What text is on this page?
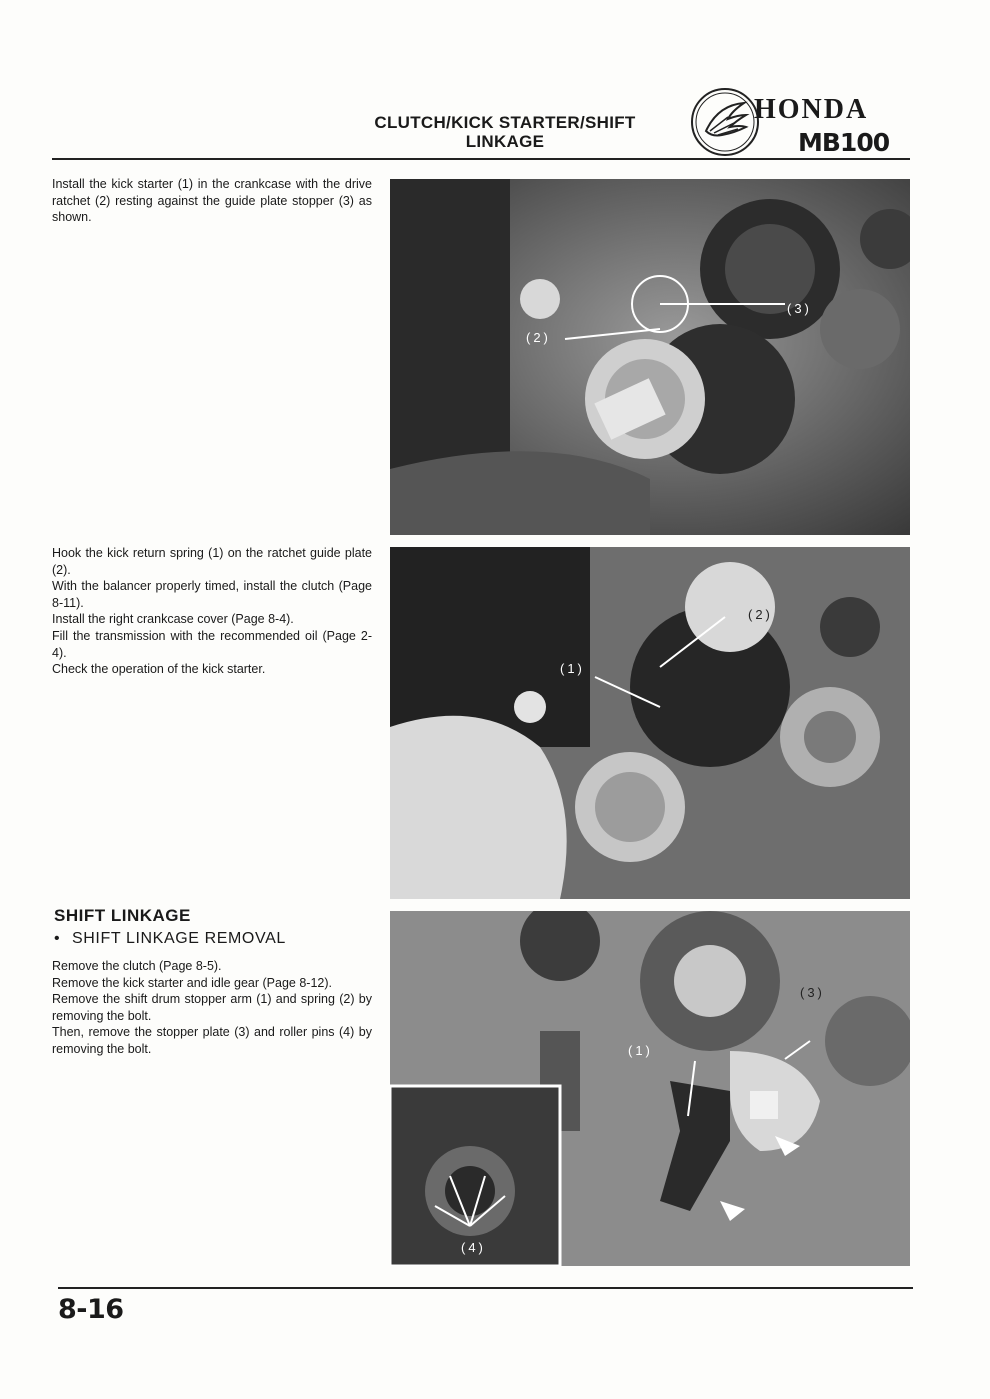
CLUTCH/KICK STARTER/SHIFT
LINKAGE
HONDA
MB100

Install the kick starter (1) in the crankcase with the drive ratchet (2) resting against the guide plate stopper (3) as shown.

(3)
(2)

Hook the kick return spring (1) on the ratchet guide plate (2).

With the balancer properly timed, install the clutch (Page 8-11).

Install the right crankcase cover (Page 8-4).

Fill the transmission with the recommended oil (Page 2-4).

Check the operation of the kick starter.

(2)
(1)
SHIFT LINKAGE
• SHIFT LINKAGE REMOVAL

Remove the clutch (Page 8-5).

Remove the kick starter and idle gear (Page 8-12).

Remove the shift drum stopper arm (1) and spring (2) by removing the bolt.

Then, remove the stopper plate (3) and roller pins (4) by removing the bolt.

(3)
(1)
(4)
8-16
